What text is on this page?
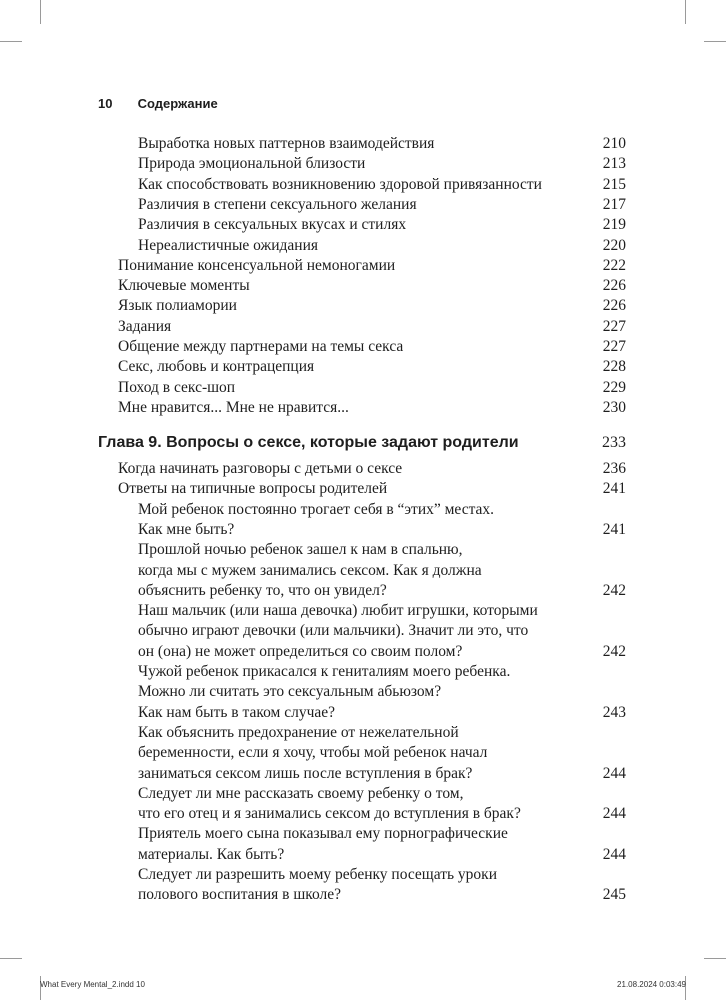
10 Содержание
Выработка новых паттернов взаимодействия	210
Природа эмоциональной близости	213
Как способствовать возникновению здоровой привязанности	215
Различия в степени сексуального желания	217
Различия в сексуальных вкусах и стилях	219
Нереалистичные ожидания	220
Понимание консенсуальной немоногамии	222
Ключевые моменты	226
Язык полиамории	226
Задания	227
Общение между партнерами на темы секса	227
Секс, любовь и контрацепция	228
Поход в секс-шоп	229
Мне нравится... Мне не нравится...	230
Глава 9. Вопросы о сексе, которые задают родители	233
Когда начинать разговоры с детьми о сексе	236
Ответы на типичные вопросы родителей	241
Мой ребенок постоянно трогает себя в “этих” местах.
Как мне быть?	241
Прошлой ночью ребенок зашел к нам в спальню,
когда мы с мужем занимались сексом. Как я должна
объяснить ребенку то, что он увидел?	242
Наш мальчик (или наша девочка) любит игрушки, которыми
обычно играют девочки (или мальчики). Значит ли это, что
он (она) не может определиться со своим полом?	242
Чужой ребенок прикасался к гениталиям моего ребенка.
Можно ли считать это сексуальным абьюзом?
Как нам быть в таком случае?	243
Как объяснить предохранение от нежелательной
беременности, если я хочу, чтобы мой ребенок начал
заниматься сексом лишь после вступления в брак?	244
Следует ли мне рассказать своему ребенку о том,
что его отец и я занимались сексом до вступления в брак?	244
Приятель моего сына показывал ему порнографические
материалы. Как быть?	244
Следует ли разрешить моему ребенку посещать уроки
полового воспитания в школе?	245
What Every Mental_2.indd 10	21.08.2024 0:03:49
